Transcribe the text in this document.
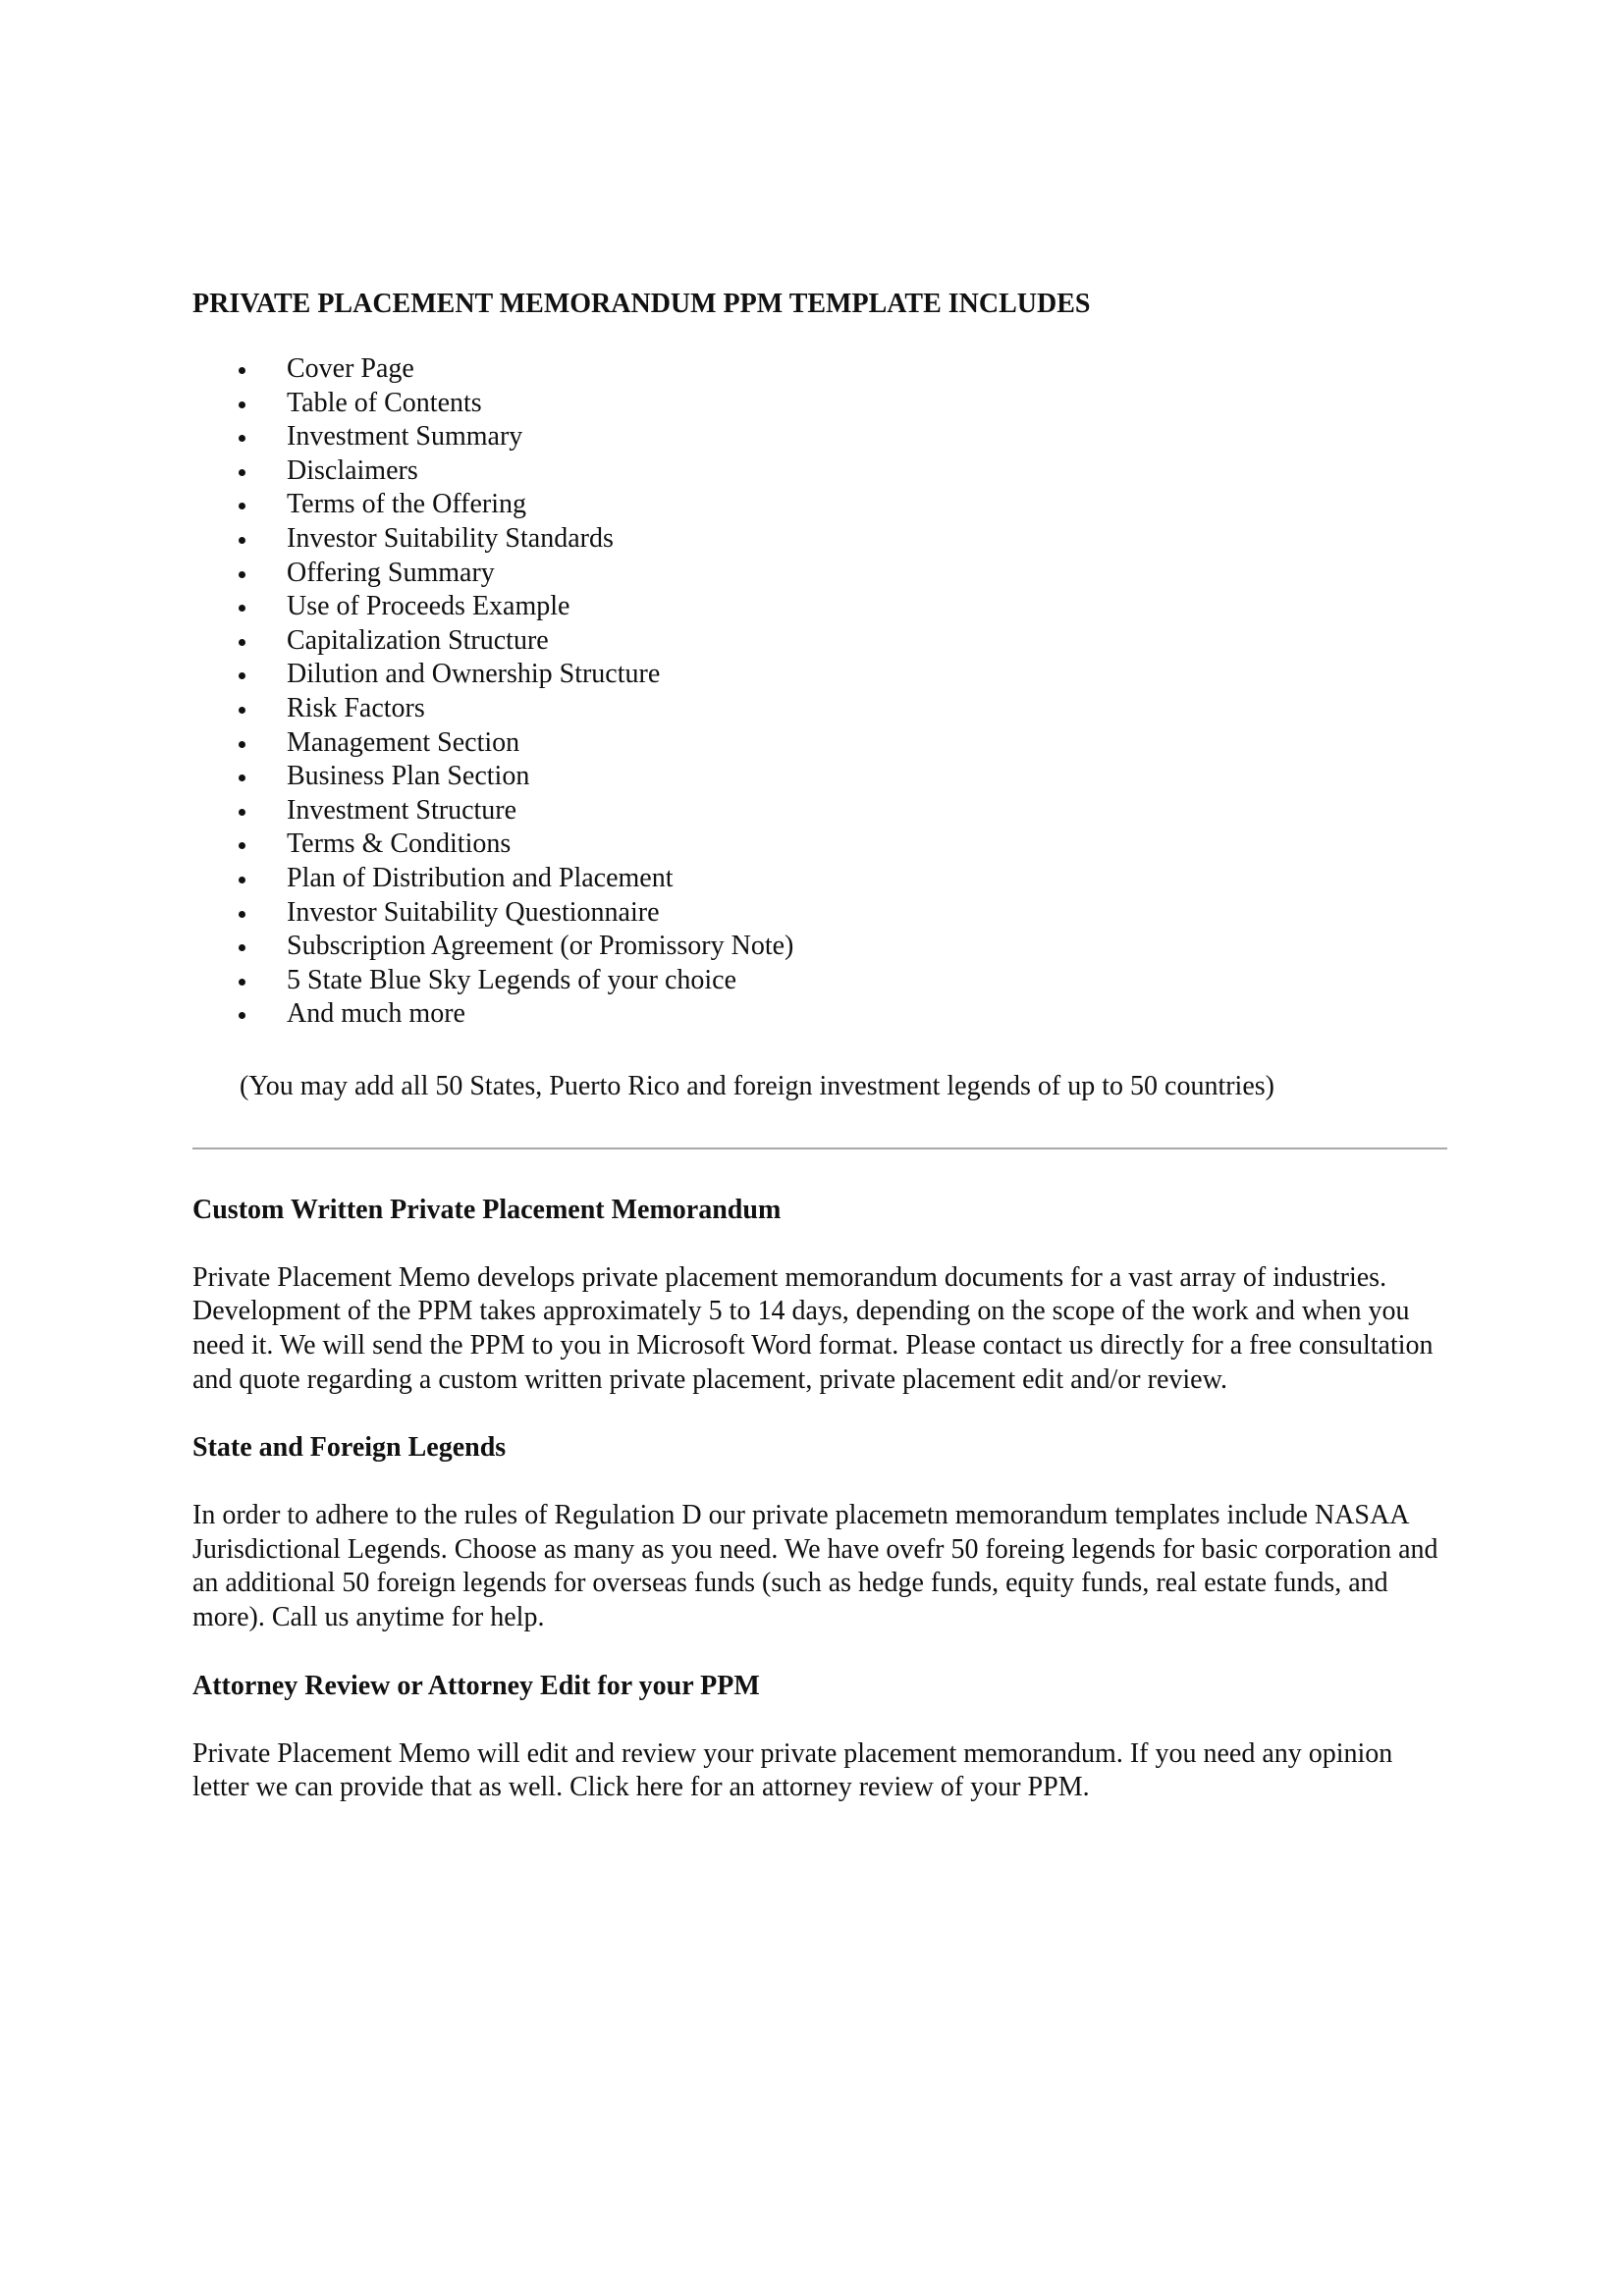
PRIVATE PLACEMENT MEMORANDUM PPM TEMPLATE INCLUDES
Cover Page
Table of Contents
Investment Summary
Disclaimers
Terms of the Offering
Investor Suitability Standards
Offering Summary
Use of Proceeds Example
Capitalization Structure
Dilution and Ownership Structure
Risk Factors
Management Section
Business Plan Section
Investment Structure
Terms & Conditions
Plan of Distribution and Placement
Investor Suitability Questionnaire
Subscription Agreement (or Promissory Note)
5 State Blue Sky Legends of your choice
And much more

(You may add all 50 States, Puerto Rico and foreign investment legends of up to 50 countries)

Custom Written Private Placement Memorandum

Private Placement Memo develops private placement memorandum documents for a vast array of industries.
Development of the PPM takes approximately 5 to 14 days, depending on the scope of the work and when you need it. We will send the PPM to you in Microsoft Word format. Please contact us directly for a free consultation and quote regarding a custom written private placement, private placement edit and/or review.

State and Foreign Legends

In order to adhere to the rules of Regulation D our private placemetn memorandum templates include NASAA Jurisdictional Legends. Choose as many as you need. We have ovefr 50 foreing legends for basic corporation and an additional 50 foreign legends for overseas funds (such as hedge funds, equity funds, real estate funds, and more). Call us anytime for help.

Attorney Review or Attorney Edit for your PPM

Private Placement Memo will edit and review your private placement memorandum. If you need any opinion letter we can provide that as well. Click here for an attorney review of your PPM.
